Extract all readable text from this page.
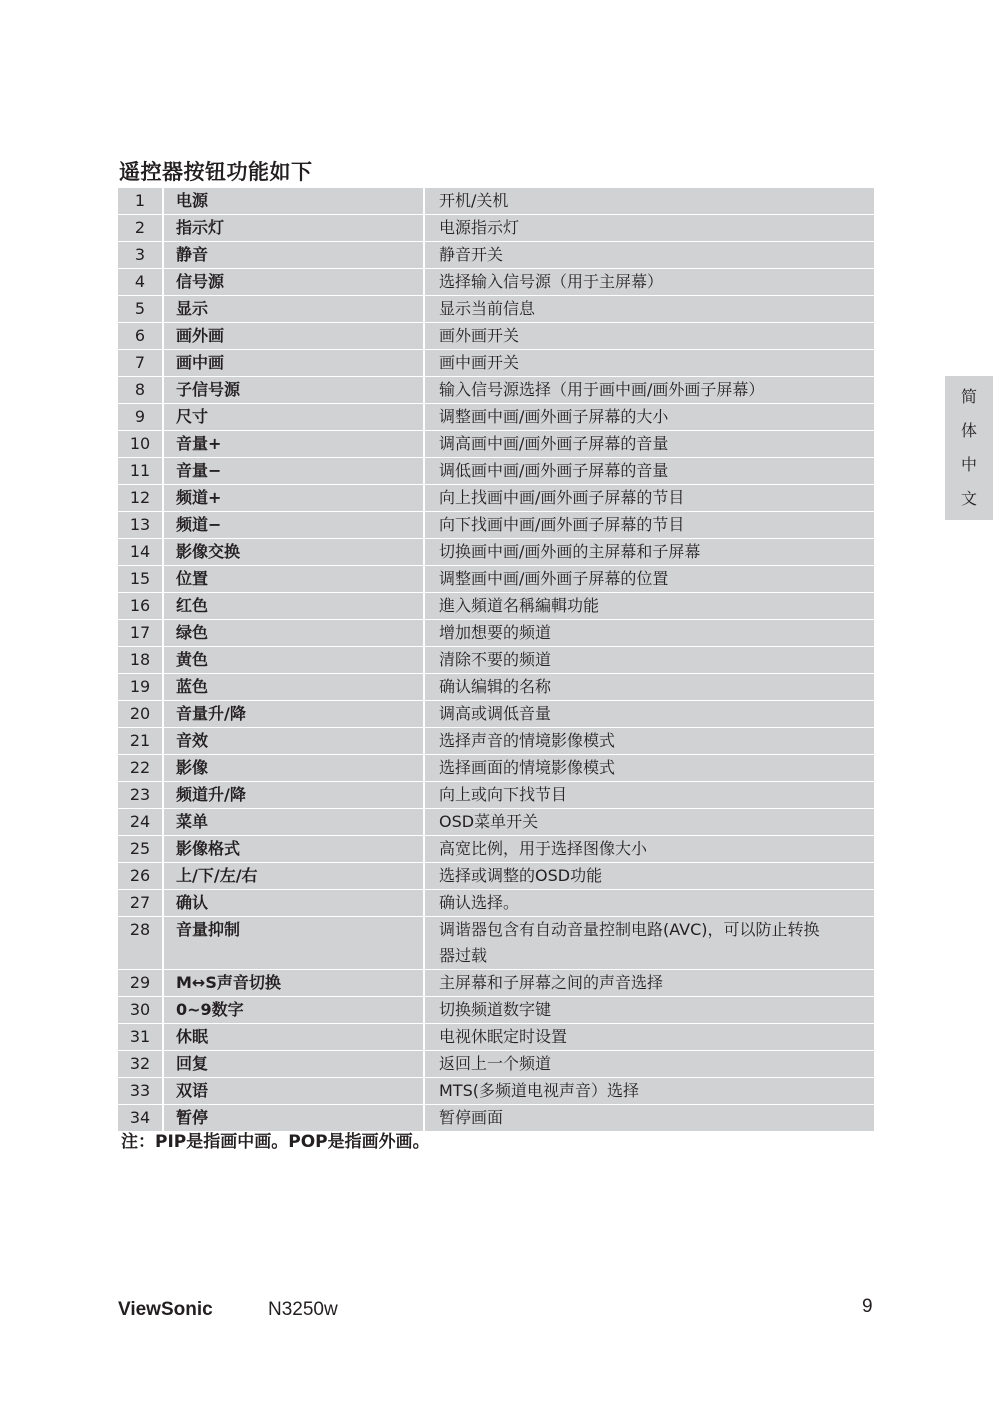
遥控器按钮功能如下
1	电源	开机/关机
2	指示灯	电源指示灯
3	静音	静音开关
4	信号源	选择输入信号源（用于主屏幕）
5	显示	显示当前信息
6	画外画	画外画开关
7	画中画	画中画开关
8	子信号源	输入信号源选择（用于画中画/画外画子屏幕）
9	尺寸	调整画中画/画外画子屏幕的大小
10	音量+	调高画中画/画外画子屏幕的音量
11	音量−	调低画中画/画外画子屏幕的音量
12	频道+	向上找画中画/画外画子屏幕的节目
13	频道−	向下找画中画/画外画子屏幕的节目
14	影像交换	切换画中画/画外画的主屏幕和子屏幕
15	位置	调整画中画/画外画子屏幕的位置
16	红色	進入頻道名稱編輯功能
17	绿色	增加想要的频道
18	黄色	清除不要的频道
19	蓝色	确认编辑的名称
20	音量升/降	调高或调低音量
21	音效	选择声音的情境影像模式
22	影像	选择画面的情境影像模式
23	频道升/降	向上或向下找节目
24	菜单	OSD菜单开关
25	影像格式	高宽比例，用于选择图像大小
26	上/下/左/右	选择或调整的OSD功能
27	确认	确认选择。
28	音量抑制	调谐器包含有自动音量控制电路(AVC)，可以防止转换器过载
29	M↔S声音切换	主屏幕和子屏幕之间的声音选择
30	0~9数字	切换频道数字键
31	休眠	电视休眠定时设置
32	回复	返回上一个频道
33	双语	MTS(多频道电视声音）选择
34	暂停	暂停画面
注：PIP是指画中画。POP是指画外画。
简
体
中
文
ViewSonic	N3250w	9
